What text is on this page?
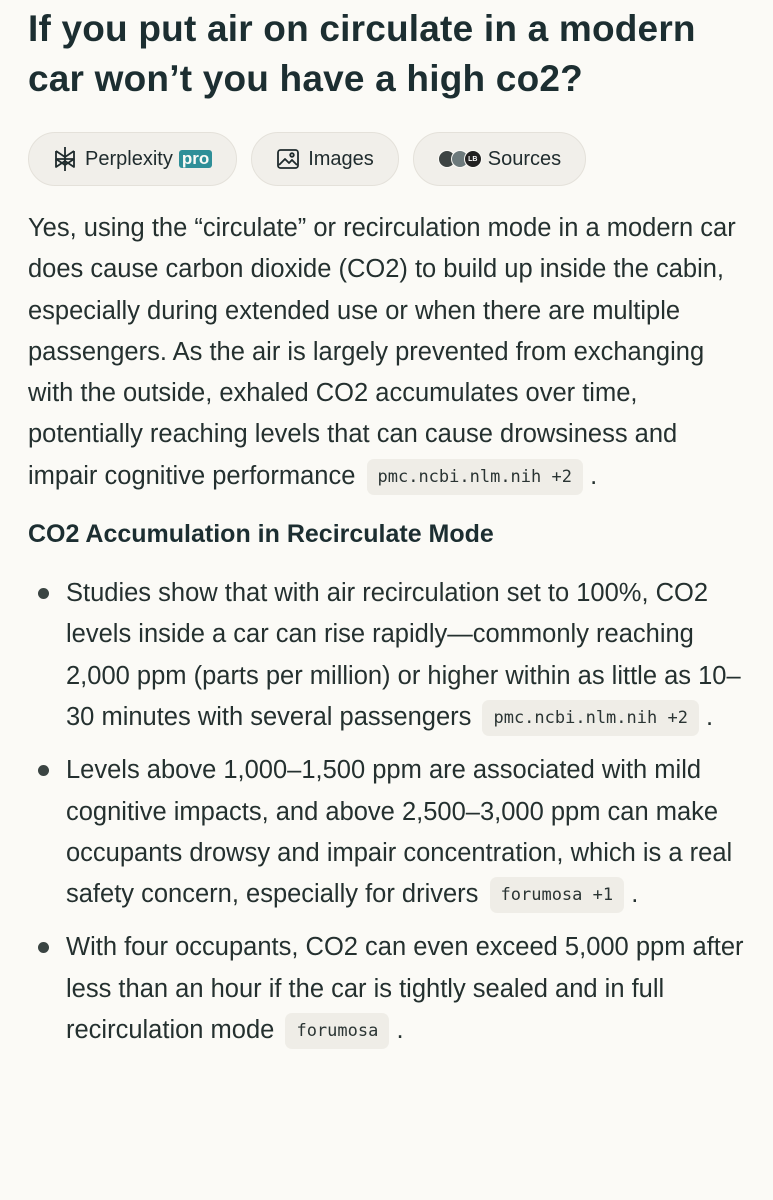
If you put air on circulate in a modern car won’t you have a high co2?
Perplexity pro	Images	LB Sources
Yes, using the “circulate” or recirculation mode in a modern car does cause carbon dioxide (CO2) to build up inside the cabin, especially during extended use or when there are multiple passengers. As the air is largely prevented from exchanging with the outside, exhaled CO2 accumulates over time, potentially reaching levels that can cause drowsiness and impair cognitive performance pmc.ncbi.nlm.nih +2 .
CO2 Accumulation in Recirculate Mode
Studies show that with air recirculation set to 100%, CO2 levels inside a car can rise rapidly—commonly reaching 2,000 ppm (parts per million) or higher within as little as 10–30 minutes with several passengers pmc.ncbi.nlm.nih +2 .
Levels above 1,000–1,500 ppm are associated with mild cognitive impacts, and above 2,500–3,000 ppm can make occupants drowsy and impair concentration, which is a real safety concern, especially for drivers forumosa +1 .
With four occupants, CO2 can even exceed 5,000 ppm after less than an hour if the car is tightly sealed and in full recirculation mode forumosa .
